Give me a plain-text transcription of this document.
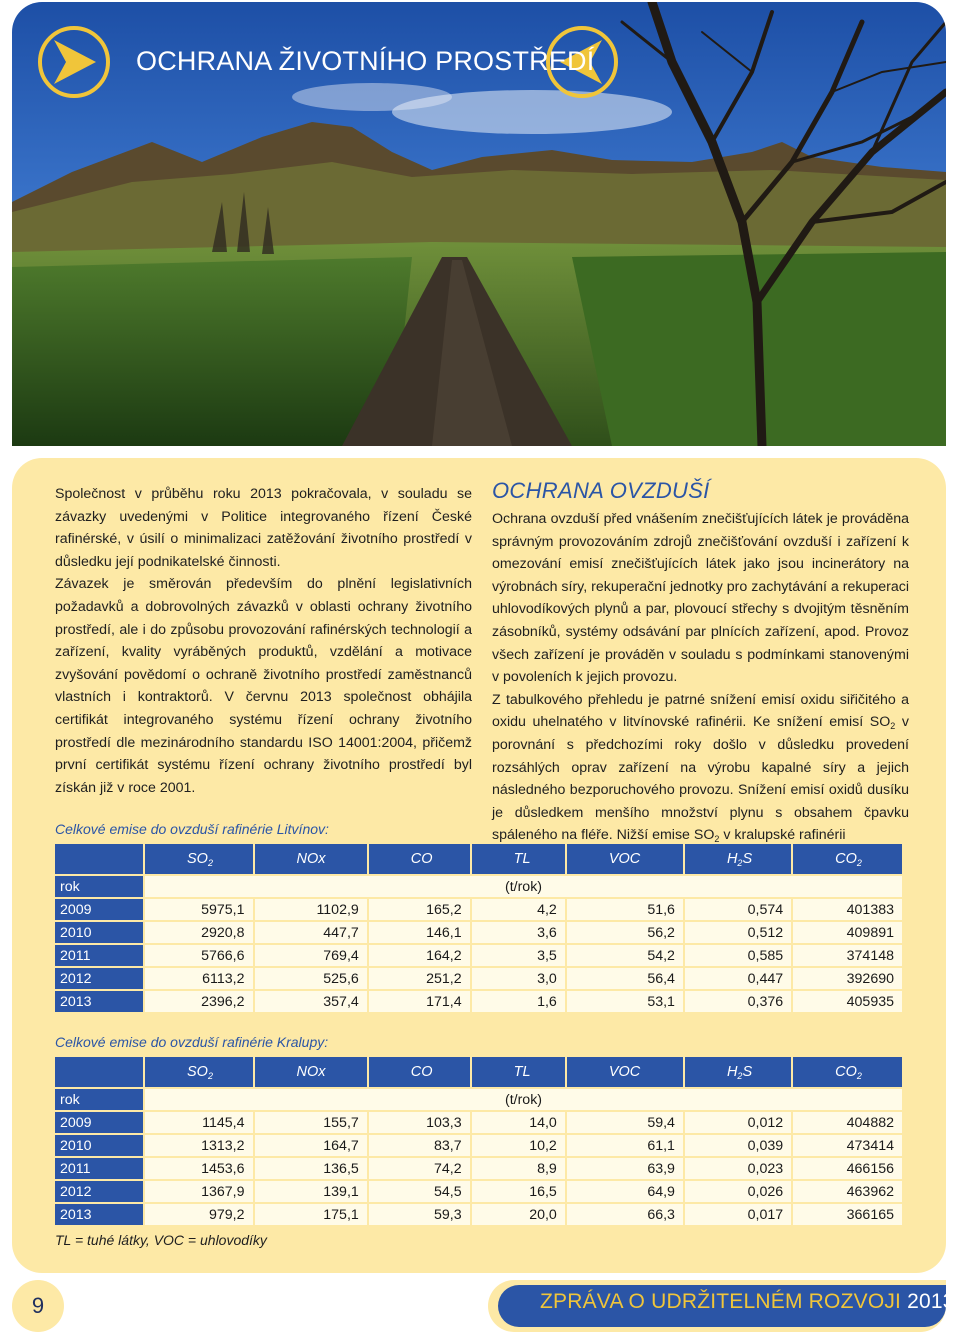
OCHRANA ŽIVOTNÍHO PROSTŘEDÍ

Společnost v průběhu roku 2013 pokračovala, v souladu se závazky uvedenými v Politice integrovaného řízení České rafinérské, v úsilí o minimalizaci zatěžování životního prostředí v důsledku její podnikatelské činnosti.

Závazek je směrován především do plnění legislativních požadavků a dobrovolných závazků v oblasti ochrany životního prostředí, ale i do způsobu provozování rafinérských technologií a zařízení, kvality vyráběných produktů, vzdělání a motivace zvyšování povědomí o ochraně životního prostředí zaměstnanců vlastních i kontraktorů. V červnu 2013 společnost obhájila certifikát integrovaného systému řízení ochrany životního prostředí dle mezinárodního standardu ISO 14001:2004, přičemž první certifikát systému řízení ochrany životního prostředí byl získán již v roce 2001.

OCHRANA OVZDUŠÍ

Ochrana ovzduší před vnášením znečišťujících látek je prováděna správným provozováním zdrojů znečišťování ovzduší i zařízení k omezování emisí znečišťujících látek jako jsou incinerátory na výrobnách síry, rekuperační jednotky pro zachytávání a rekuperaci uhlovodíkových plynů a par, plovoucí střechy s dvojitým těsněním zásobníků, systémy odsávání par plnících zařízení, apod. Provoz všech zařízení je prováděn v souladu s podmínkami stanovenými v povoleních k jejich provozu.

Z tabulkového přehledu je patrné snížení emisí oxidu siřičitého a oxidu uhelnatého v litvínovské rafinérii. Ke snížení emisí $SO_2$ v porovnání s předchozími roky došlo v důsledku provedení rozsáhlých oprav zařízení na výrobu kapalné síry a jejich následného bezporuchového provozu. Snížení emisí oxidů dusíku je důsledkem menšího množství plynu s obsahem čpavku spáleného na fléře. Nižší emise $SO_2$ v kralupské rafinérii

Celkové emise do ovzduší rafinérie Litvínov:
	$SO_2$	NOx	CO	TL	VOC	$H_2S$	$CO_2$
rok	(t/rok)						
2009	5975,1	1102,9	165,2	4,2	51,6	0,574	401383
2010	2920,8	447,7	146,1	3,6	56,2	0,512	409891
2011	5766,6	769,4	164,2	3,5	54,2	0,585	374148
2012	6113,2	525,6	251,2	3,0	56,4	0,447	392690
2013	2396,2	357,4	171,4	1,6	53,1	0,376	405935
Celkové emise do ovzduší rafinérie Kralupy:
	$SO_2$	NOx	CO	TL	VOC	$H_2S$	$CO_2$
rok	(t/rok)						
2009	1145,4	155,7	103,3	14,0	59,4	0,012	404882
2010	1313,2	164,7	83,7	10,2	61,1	0,039	473414
2011	1453,6	136,5	74,2	8,9	63,9	0,023	466156
2012	1367,9	139,1	54,5	16,5	64,9	0,026	463962
2013	979,2	175,1	59,3	20,0	66,3	0,017	366165
TL = tuhé látky, VOC = uhlovodíky
9	ZPRÁVA O UDRŽITELNÉM ROZVOJI 2013
